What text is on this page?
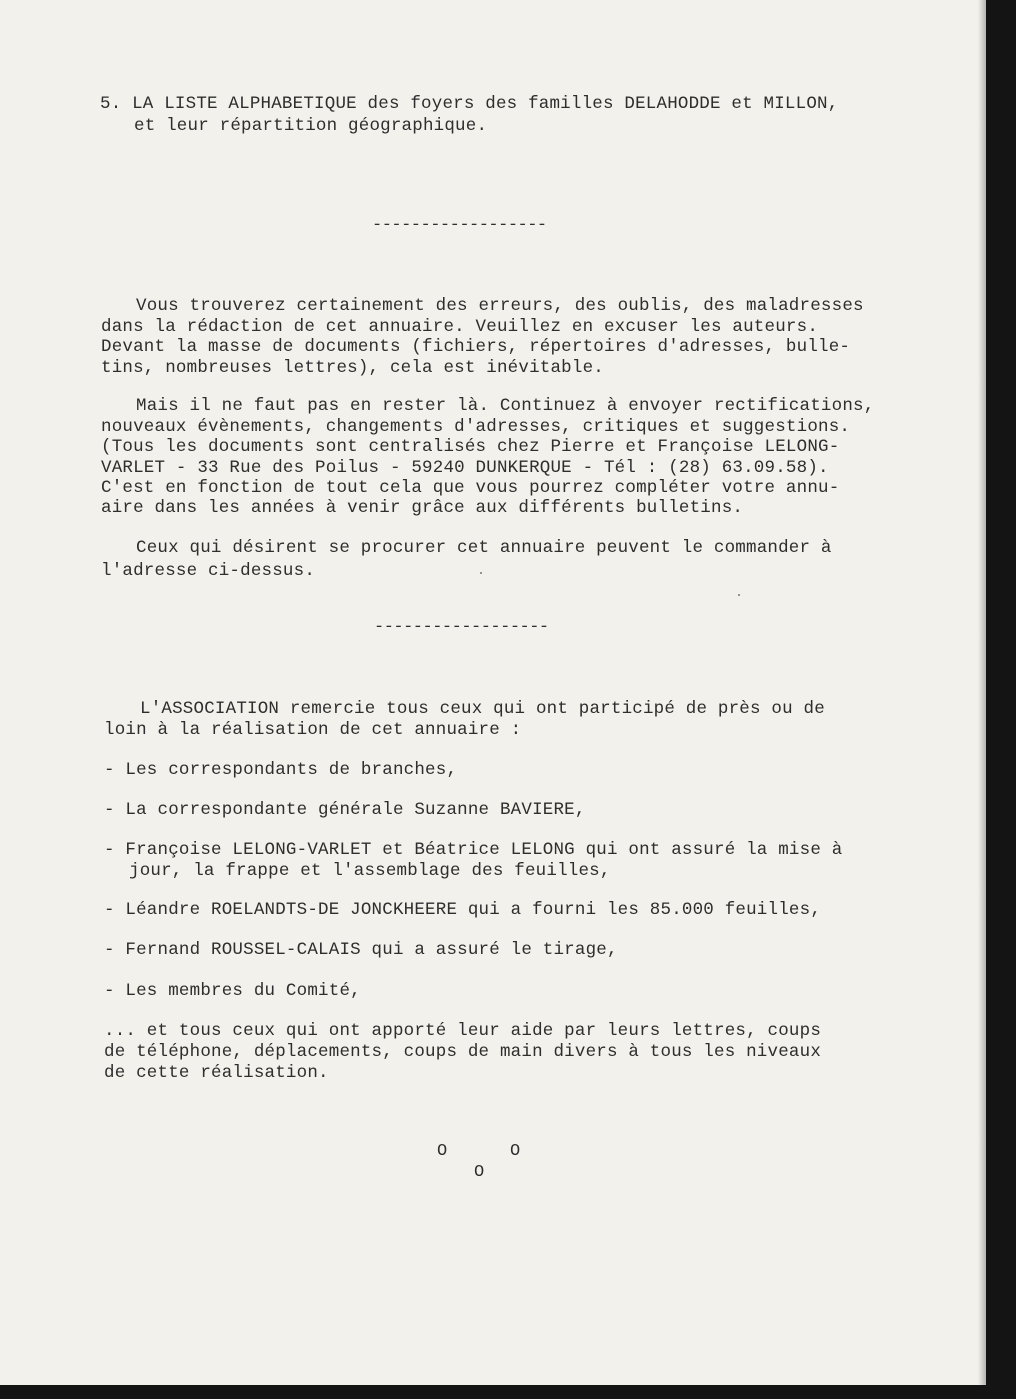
5. LA LISTE ALPHABETIQUE des foyers des familles DELAHODDE et MILLON,
et leur répartition géographique.
------------------
Vous trouverez certainement des erreurs, des oublis, des maladresses
dans la rédaction de cet annuaire. Veuillez en excuser les auteurs.
Devant la masse de documents (fichiers, répertoires d'adresses, bulle-
tins, nombreuses lettres), cela est inévitable.
Mais il ne faut pas en rester là. Continuez à envoyer rectifications,
nouveaux évènements, changements d'adresses, critiques et suggestions.
(Tous les documents sont centralisés chez Pierre et Françoise LELONG-
VARLET - 33 Rue des Poilus - 59240 DUNKERQUE - Tél : (28) 63.09.58).
C'est en fonction de tout cela que vous pourrez compléter votre annu-
aire dans les années à venir grâce aux différents bulletins.
Ceux qui désirent se procurer cet annuaire peuvent le commander à
l'adresse ci-dessus.
------------------
L'ASSOCIATION remercie tous ceux qui ont participé de près ou de
loin à la réalisation de cet annuaire :
- Les correspondants de branches,
- La correspondante générale Suzanne BAVIERE,
- Françoise LELONG-VARLET et Béatrice LELONG qui ont assuré la mise à
jour, la frappe et l'assemblage des feuilles,
- Léandre ROELANDTS-DE JONCKHEERE qui a fourni les 85.000 feuilles,
- Fernand ROUSSEL-CALAIS qui a assuré le tirage,
- Les membres du Comité,
... et tous ceux qui ont apporté leur aide par leurs lettres, coups
de téléphone, déplacements, coups de main divers à tous les niveaux
de cette réalisation.
O	O
O
